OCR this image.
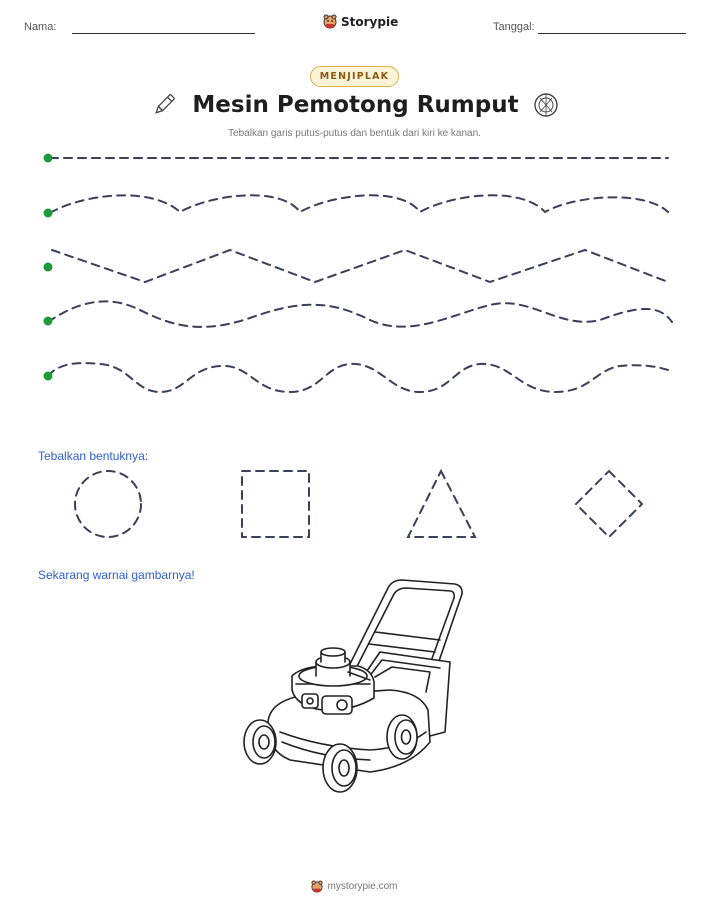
Nama:	Storypie	Tanggal:
MENJIPLAK
Mesin Pemotong Rumput
Tebalkan garis putus-putus dan bentuk dari kiri ke kanan.
Tebalkan bentuknya:
Sekarang warnai gambarnya!
mystorypie.com
